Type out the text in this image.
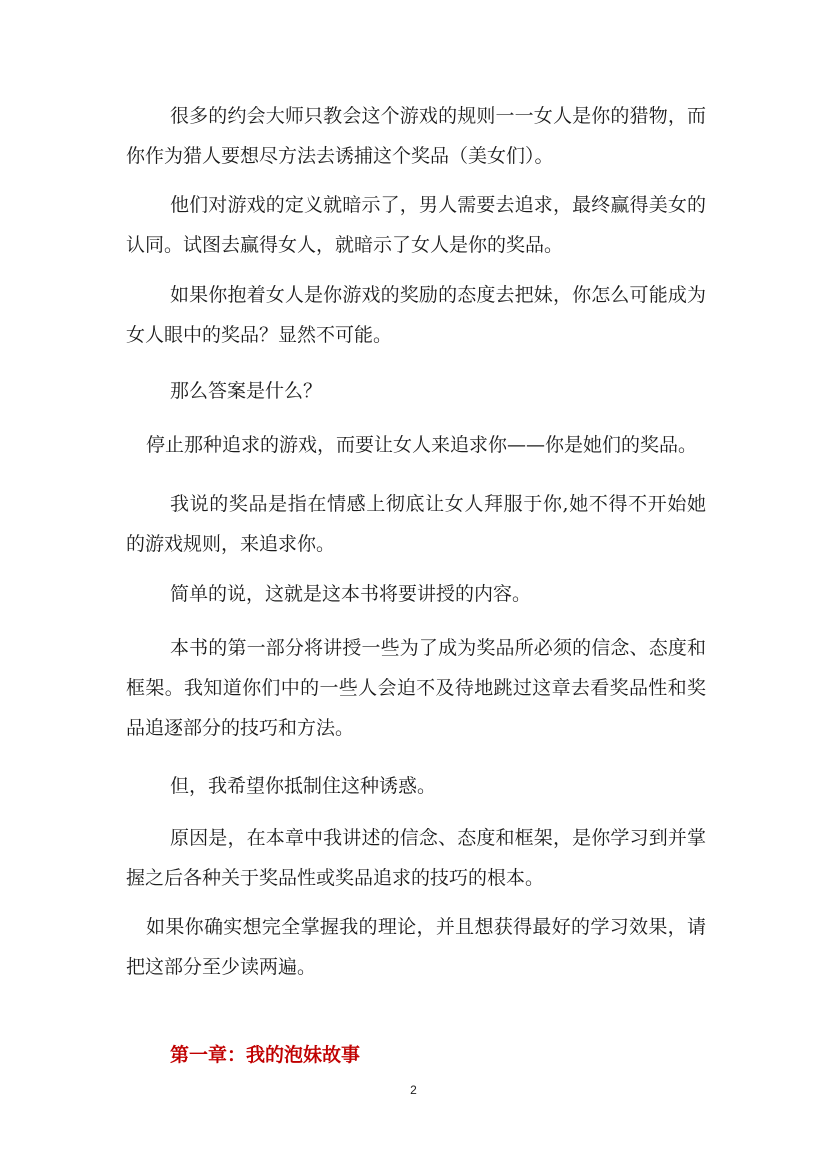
很多的约会大师只教会这个游戏的规则一一女人是你的猎物，而你作为猎人要想尽方法去诱捕这个奖品（美女们）。

他们对游戏的定义就暗示了，男人需要去追求，最终赢得美女的认同。试图去赢得女人，就暗示了女人是你的奖品。

如果你抱着女人是你游戏的奖励的态度去把妹，你怎么可能成为女人眼中的奖品？显然不可能。

那么答案是什么？

停止那种追求的游戏，而要让女人来追求你——你是她们的奖品。

我说的奖品是指在情感上彻底让女人拜服于你,她不得不开始她的游戏规则，来追求你。

简单的说，这就是这本书将要讲授的内容。

本书的第一部分将讲授一些为了成为奖品所必须的信念、态度和框架。我知道你们中的一些人会迫不及待地跳过这章去看奖品性和奖品追逐部分的技巧和方法。

但，我希望你抵制住这种诱惑。

原因是，在本章中我讲述的信念、态度和框架，是你学习到并掌握之后各种关于奖品性或奖品追求的技巧的根本。

如果你确实想完全掌握我的理论，并且想获得最好的学习效果，请把这部分至少读两遍。

第一章：我的泡妹故事

2
